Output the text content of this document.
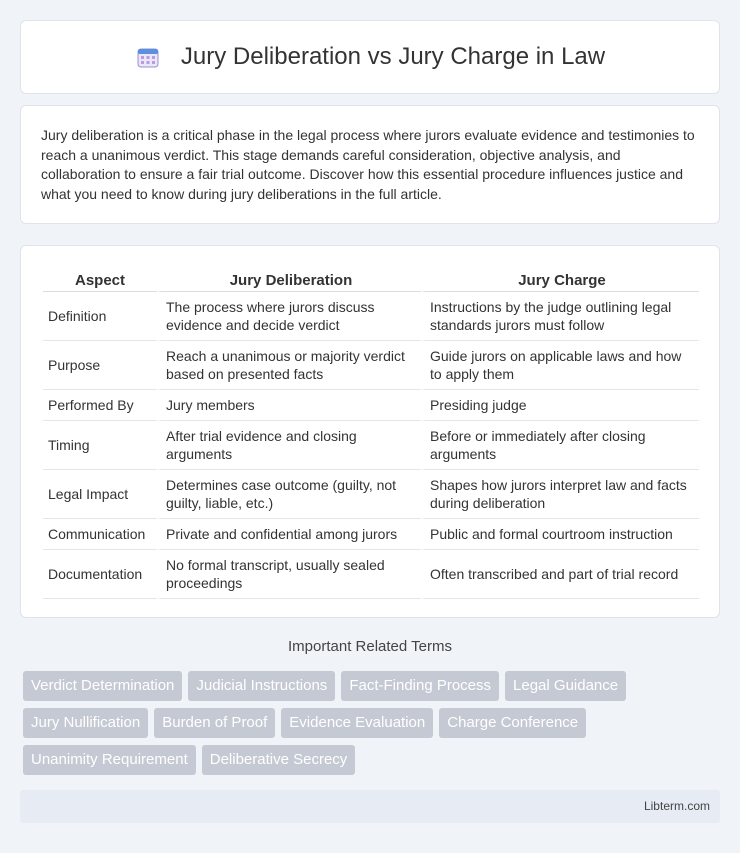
Jury Deliberation vs Jury Charge in Law

Jury deliberation is a critical phase in the legal process where jurors evaluate evidence and testimonies to reach a unanimous verdict. This stage demands careful consideration, objective analysis, and collaboration to ensure a fair trial outcome. Discover how this essential procedure influences justice and what you need to know during jury deliberations in the full article.

Aspect	Jury Deliberation	Jury Charge
Definition	The process where jurors discuss evidence and decide verdict	Instructions by the judge outlining legal standards jurors must follow
Purpose	Reach a unanimous or majority verdict based on presented facts	Guide jurors on applicable laws and how to apply them
Performed By	Jury members	Presiding judge
Timing	After trial evidence and closing arguments	Before or immediately after closing arguments
Legal Impact	Determines case outcome (guilty, not guilty, liable, etc.)	Shapes how jurors interpret law and facts during deliberation
Communication	Private and confidential among jurors	Public and formal courtroom instruction
Documentation	No formal transcript, usually sealed proceedings	Often transcribed and part of trial record
Important Related Terms
Verdict Determination	Judicial Instructions	Fact-Finding Process	Legal Guidance
Jury Nullification	Burden of Proof	Evidence Evaluation	Charge Conference
Unanimity Requirement	Deliberative Secrecy
Libterm.com
